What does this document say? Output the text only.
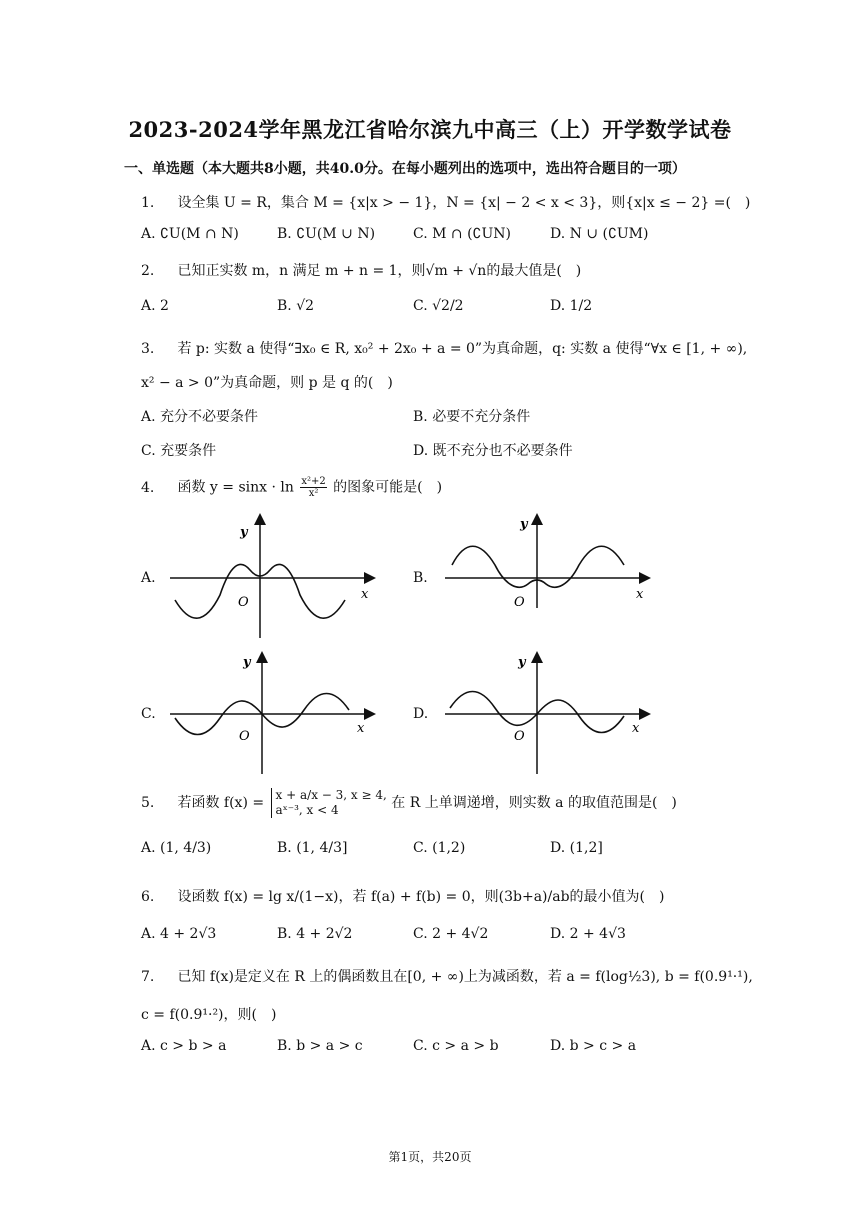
2023-2024学年黑龙江省哈尔滨九中高三（上）开学数学试卷
一、单选题（本大题共8小题，共40.0分。在每小题列出的选项中，选出符合题目的一项）
1. 设全集 U = R，集合 M = {x|x > − 1}，N = {x| − 2 < x < 3}，则{x|x ≤ − 2} =(　)
A. ∁U(M ∩ N)	B. ∁U(M ∪ N)	C. M ∩ (∁UN)	D. N ∪ (∁UM)
2. 已知正实数 m，n 满足 m + n = 1，则√m + √n的最大值是(　)
A. 2	B. √2	C. √2/2	D. 1/2
3. 若 p: 实数 a 使得“∃x₀ ∈ R, x₀² + 2x₀ + a = 0”为真命题，q: 实数 a 使得“∀x ∈ [1, + ∞),
x² − a > 0”为真命题，则 p 是 q 的(　)
A. 充分不必要条件	B. 必要不充分条件
C. 充要条件	D. 既不充分也不必要条件
4. 函数 $y = \sin x \cdot \ln \frac{\text{x²+2}}{\text{x²}}$ 的图象可能是(　)
A.	B.
C.	D.
y
x
O
y
x
O
y
x
O
y
x
O
5. 若函数 f(x) = x + a/x − 3, x ≥ 4,
aˣ⁻³, x < 4	在 R 上单调递增，则实数 a 的取值范围是(　)
A. (1, 4/3)	B. (1, 4/3]	C. (1,2)	D. (1,2]
6. 设函数 f(x) = lg x/(1−x)，若 f(a) + f(b) = 0，则(3b+a)/ab的最小值为(　)
A. 4 + 2√3	B. 4 + 2√2	C. 2 + 4√2	D. 2 + 4√3
7. 已知 f(x)是定义在 R 上的偶函数且在[0, + ∞)上为减函数，若 a = f(log½3), b = f(0.9¹·¹),
c = f(0.9¹·²)，则(　)
A. c > b > a	B. b > a > c	C. c > a > b	D. b > c > a
第1页，共20页
